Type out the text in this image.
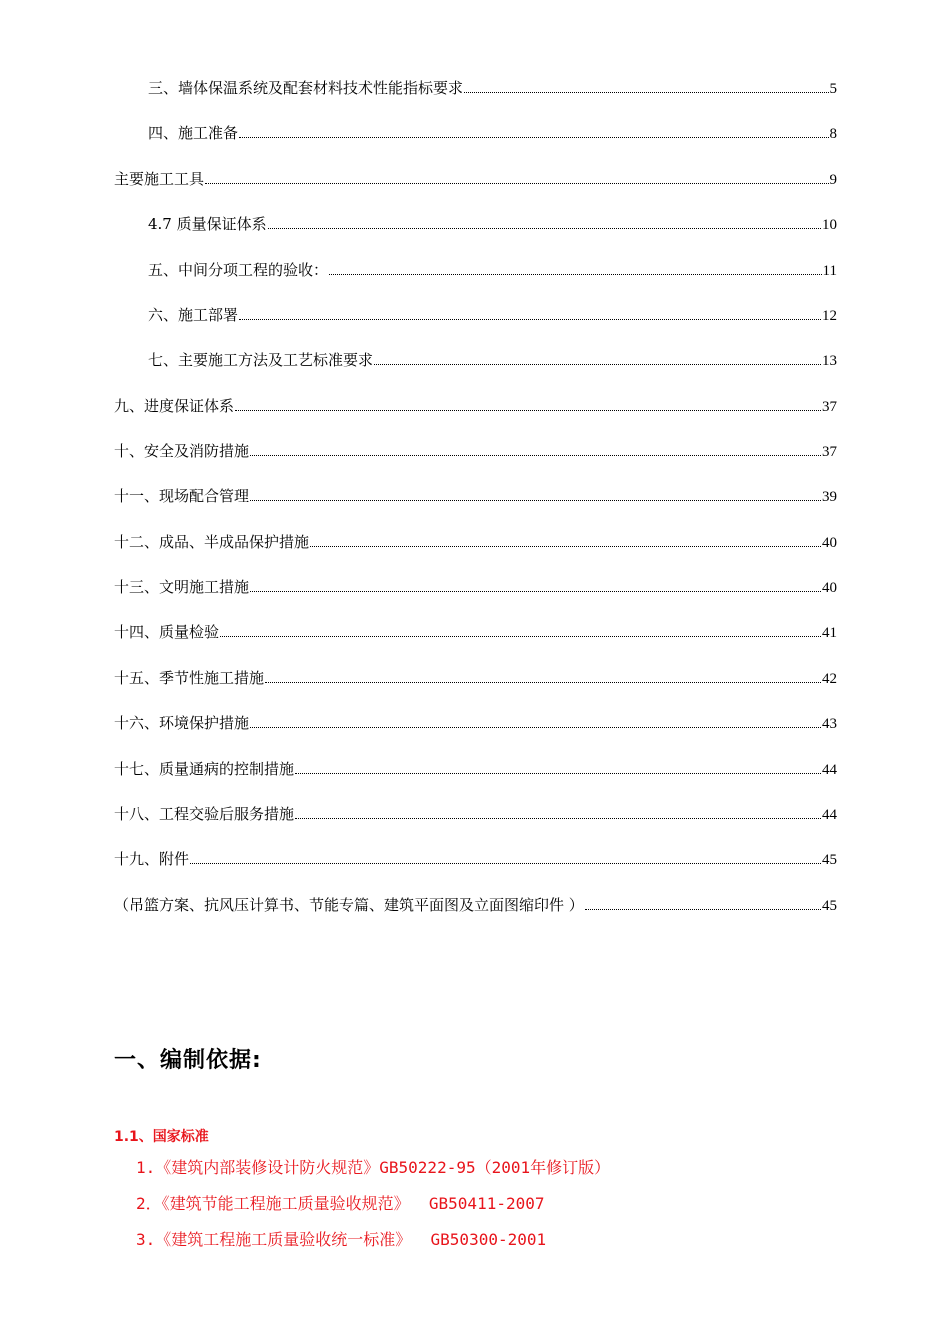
三、墙体保温系统及配套材料技术性能指标要求	5
四、施工准备	8
主要施工工具	9
4.7 质量保证体系	10
五、中间分项工程的验收：	11
六、施工部署	12
七、主要施工方法及工艺标准要求	13
九、进度保证体系	37
十、安全及消防措施	37
十一、现场配合管理	39
十二、成品、半成品保护措施	40
十三、文明施工措施	40
十四、质量检验	41
十五、季节性施工措施	42
十六、环境保护措施	43
十七、质量通病的控制措施	44
十八、工程交验后服务措施	44
十九、附件	45
（吊篮方案、抗风压计算书、节能专篇、建筑平面图及立面图缩印件 ）	45
一、编制依据:
1.1、国家标准
1.《建筑内部装修设计防火规范》GB50222-95（2001年修订版）
2．《建筑节能工程施工质量验收规范》  GB50411-2007
3.《建筑工程施工质量验收统一标准》  GB50300-2001
